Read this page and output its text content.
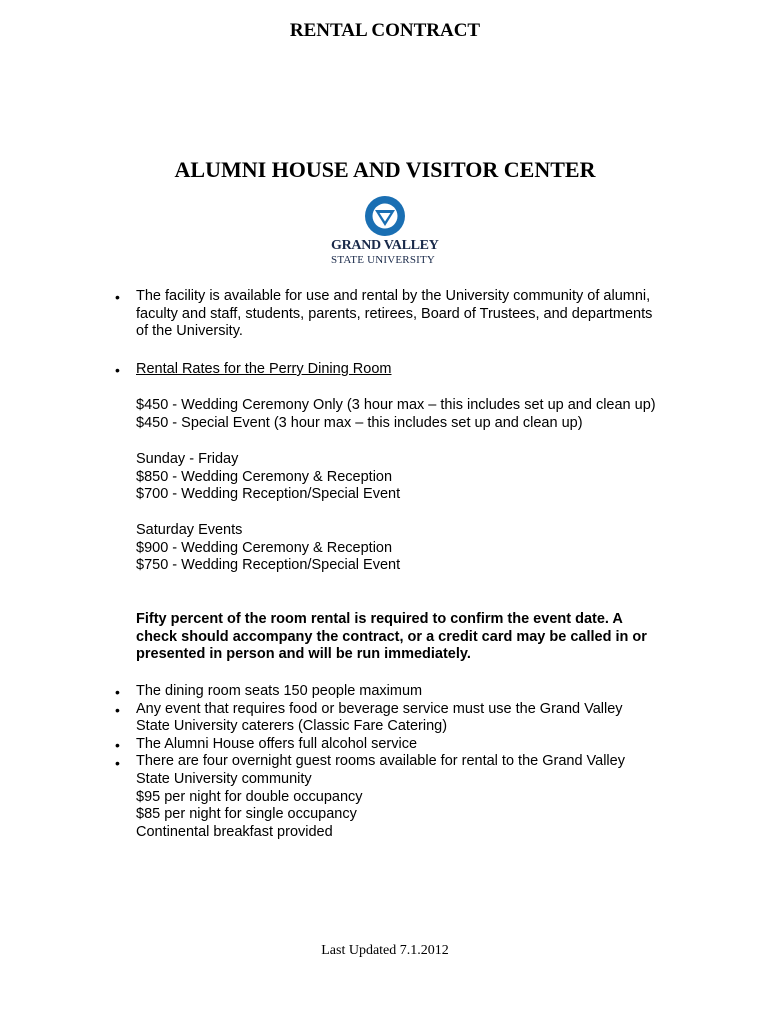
RENTAL CONTRACT
ALUMNI HOUSE AND VISITOR CENTER
GRAND VALLEY
STATE UNIVERSITY
• The facility is available for use and rental by the University community of alumni,
faculty and staff, students, parents, retirees, Board of Trustees, and departments
of the University.
• Rental Rates for the Perry Dining Room
$450 - Wedding Ceremony Only (3 hour max – this includes set up and clean up)
$450 - Special Event (3 hour max – this includes set up and clean up)
Sunday - Friday
$850 - Wedding Ceremony & Reception
$700 - Wedding Reception/Special Event
Saturday Events
$900 - Wedding Ceremony & Reception
$750 - Wedding Reception/Special Event
Fifty percent of the room rental is required to confirm the event date. A
check should accompany the contract, or a credit card may be called in or
presented in person and will be run immediately.
•
•
•
•
The dining room seats 150 people maximum
Any event that requires food or beverage service must use the Grand Valley
State University caterers (Classic Fare Catering)
The Alumni House offers full alcohol service
There are four overnight guest rooms available for rental to the Grand Valley
State University community
$95 per night for double occupancy
$85 per night for single occupancy
Continental breakfast provided
Last Updated 7.1.2012
